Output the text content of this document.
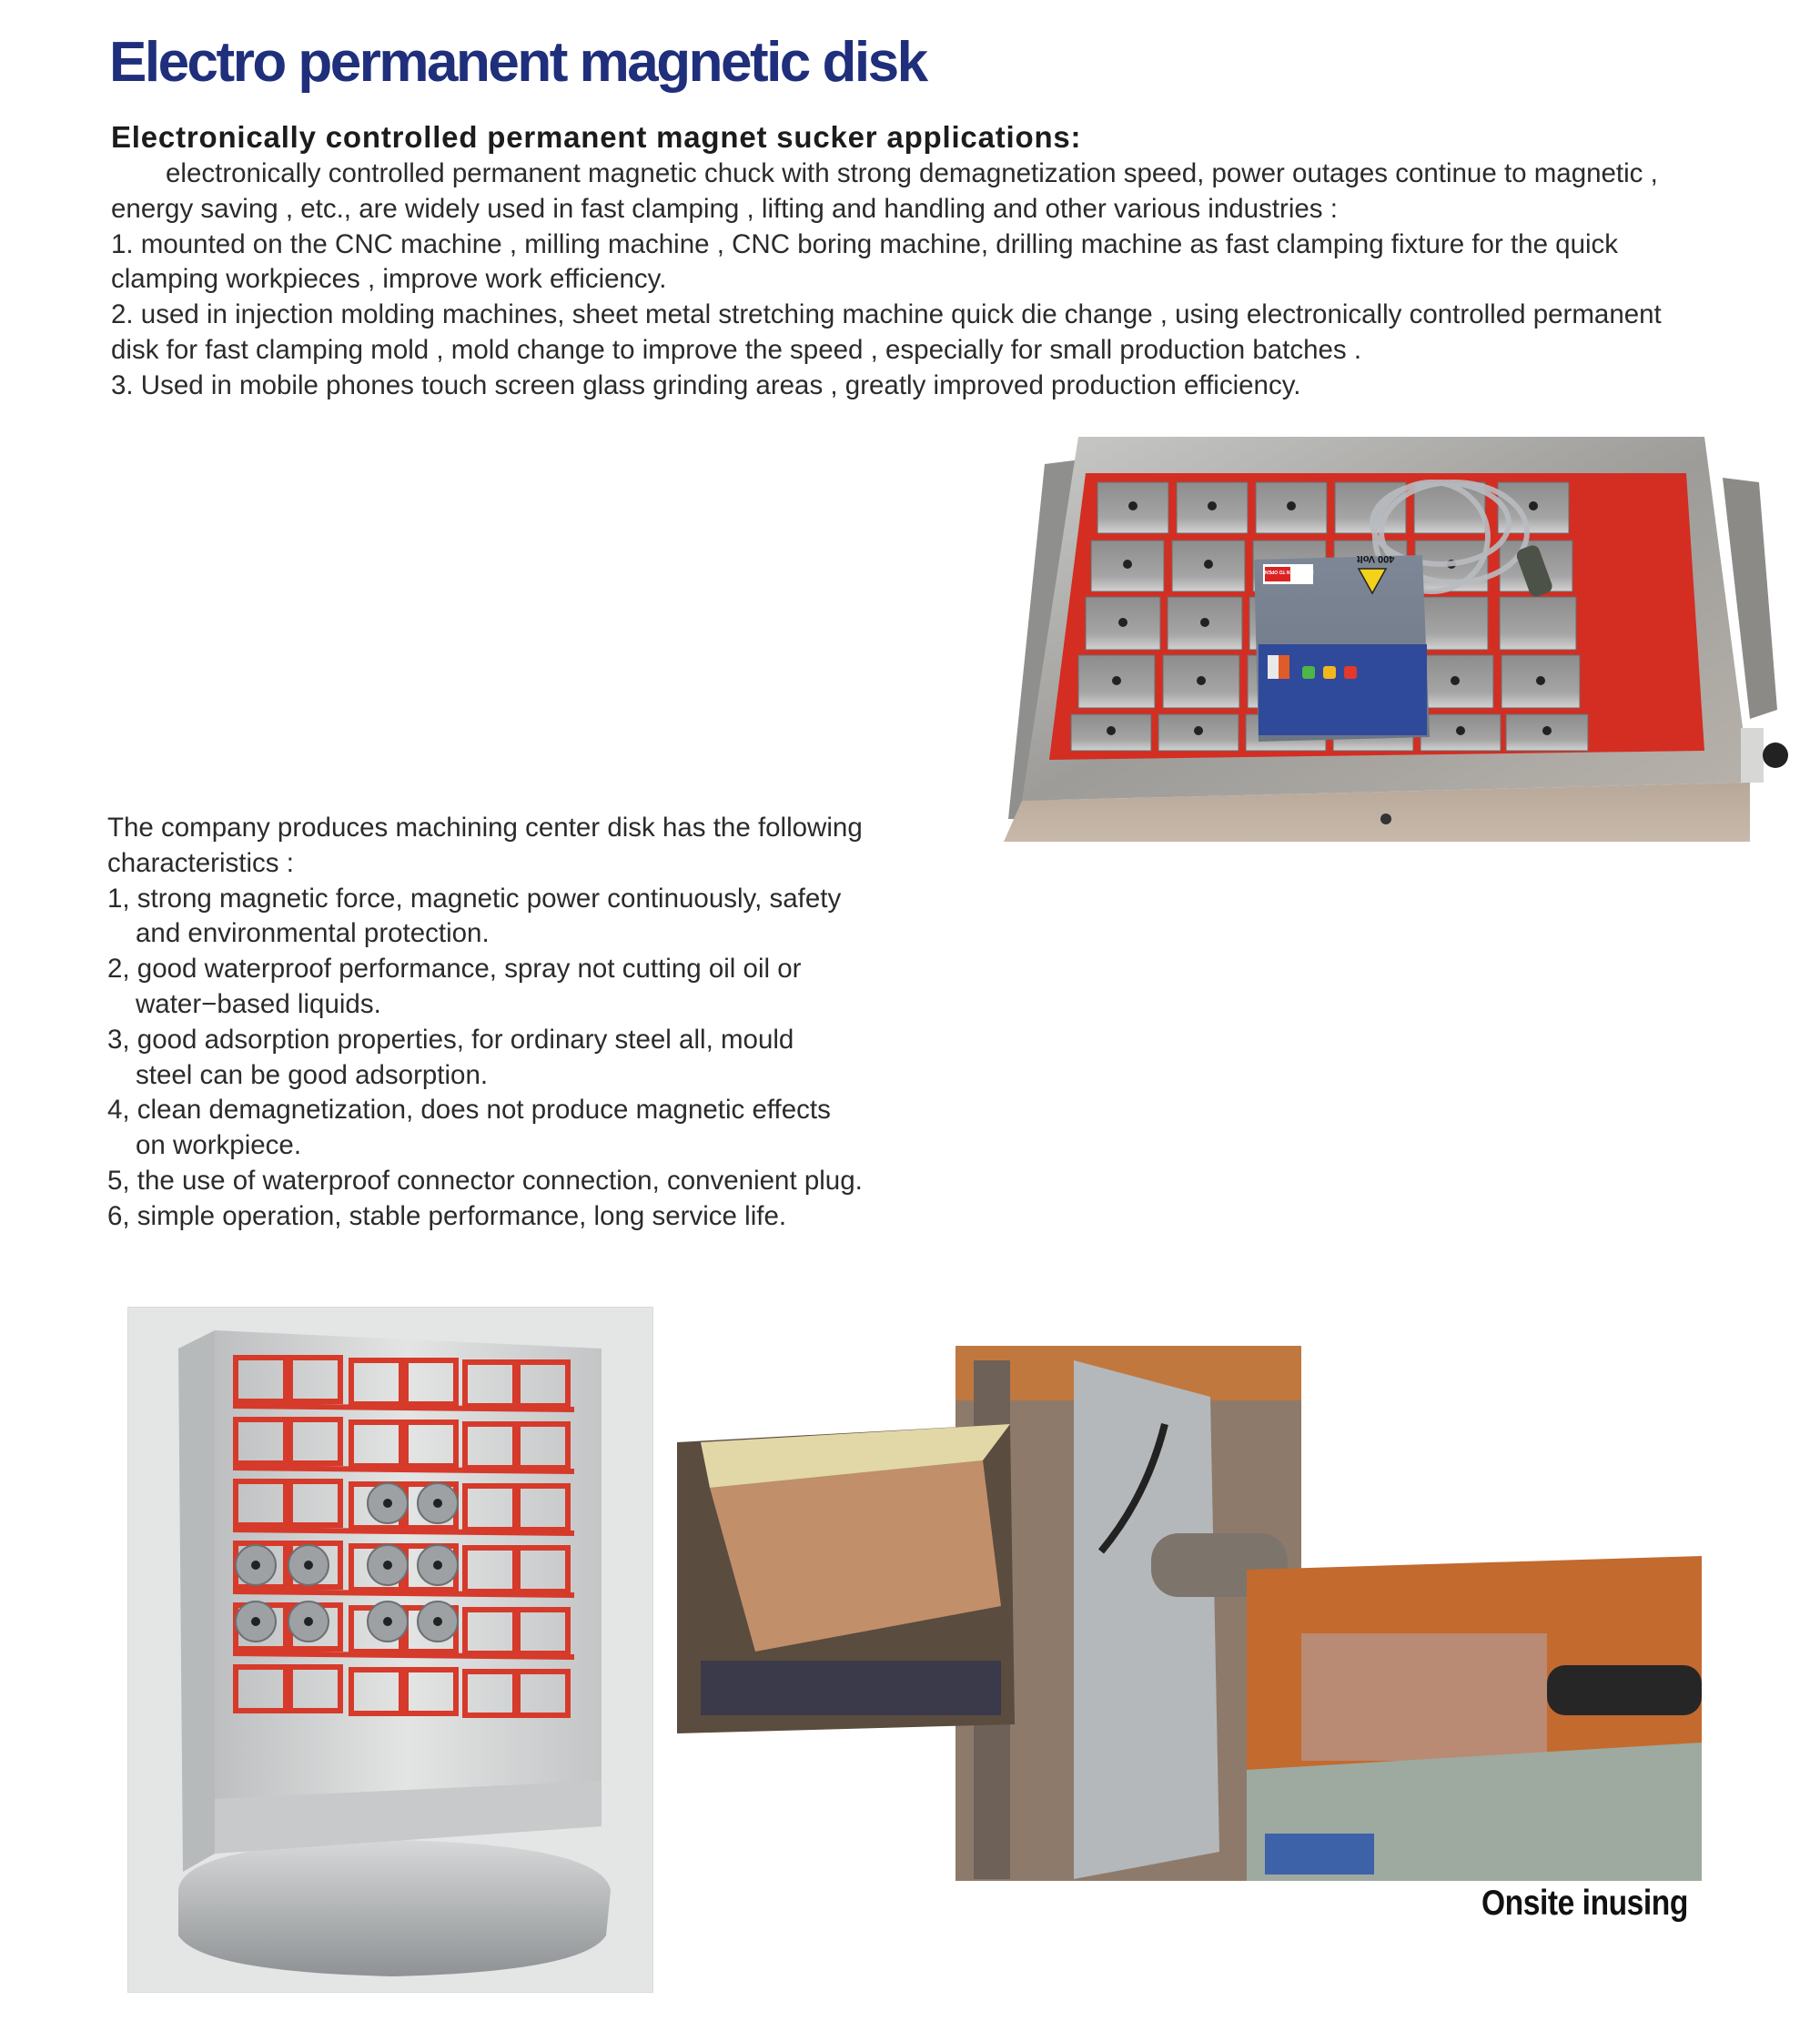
Electro permanent magnetic disk
Electronically controlled permanent magnet sucker applications:
electronically controlled permanent magnetic chuck with strong demagnetization speed, power outages continue to magnetic ,
energy saving , etc., are widely used in fast clamping , lifting and handling and other various industries :
1. mounted on the CNC machine , milling machine , CNC boring machine, drilling machine as fast clamping fixture for the quick
clamping workpieces , improve work efficiency.
2. used in injection molding machines, sheet metal stretching machine quick die change , using electronically controlled permanent
disk for fast clamping mold , mold change to improve the speed , especially for small production batches .
3. Used in mobile phones touch screen glass grinding areas , greatly improved production efficiency.
400 Volt
FORBIDDEN TO OPEN
The company produces machining center disk has the following
characteristics :
1, strong magnetic force, magnetic power continuously, safety
and environmental protection.
2, good waterproof performance, spray not cutting oil oil or
water−based liquids.
3, good adsorption properties, for ordinary steel all, mould
steel can be good adsorption.
4, clean demagnetization, does not produce magnetic effects
on workpiece.
5, the use of waterproof connector connection, convenient plug.
6, simple operation, stable performance, long service life.
Onsite inusing
